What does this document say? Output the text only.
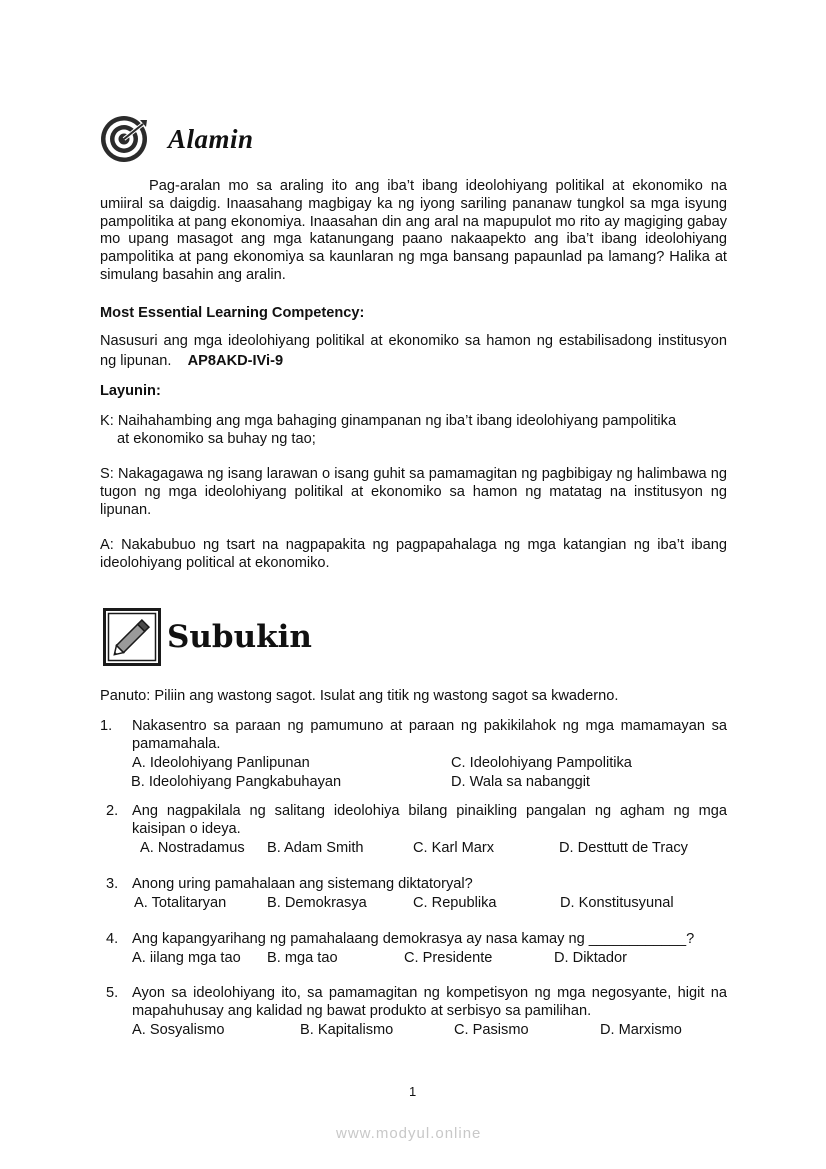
Alamin
Pag-aralan mo sa araling ito ang iba’t ibang ideolohiyang politikal at ekonomiko na umiiral sa daigdig. Inaasahang magbigay ka ng iyong sariling pananaw tungkol sa mga isyung pampolitika at pang ekonomiya. Inaasahan din ang aral na mapupulot mo rito ay magiging gabay mo upang masagot ang mga katanungang paano nakaapekto ang iba’t ibang ideolohiyang pampolitika at pang ekonomiya sa kaunlaran ng mga bansang papaunlad pa lamang? Halika at simulang basahin ang aralin.
Most Essential Learning Competency:
Nasusuri ang mga ideolohiyang politikal at ekonomiko sa hamon ng estabilisadong institusyon ng lipunan. AP8AKD-IVi-9
Layunin:
K: Naihahambing ang mga bahaging ginampanan ng iba’t ibang ideolohiyang pampolitika
at ekonomiko sa buhay ng tao;
S: Nakagagawa ng isang larawan o isang guhit sa pamamagitan ng pagbibigay ng halimbawa ng tugon ng mga ideolohiyang politikal at ekonomiko sa hamon ng matatag na institusyon ng lipunan.
A: Nakabubuo ng tsart na nagpapakita ng pagpapahalaga ng mga katangian ng iba’t ibang ideolohiyang political at ekonomiko.
Subukin
Panuto: Piliin ang wastong sagot. Isulat ang titik ng wastong sagot sa kwaderno.
1. Nakasentro sa paraan ng pamumuno at paraan ng pakikilahok ng mga mamamayan sa pamamahala.
A. Ideolohiyang Panlipunan	C. Ideolohiyang Pampolitika
B. Ideolohiyang Pangkabuhayan	D. Wala sa nabanggit
2. Ang nagpakilala ng salitang ideolohiya bilang pinaikling pangalan ng agham ng mga kaisipan o ideya.
A. Nostradamus B. Adam Smith	C. Karl Marx	D. Desttutt de Tracy
3. Anong uring pamahalaan ang sistemang diktatoryal?
A. Totalitaryan	B. Demokrasya	C. Republika	D. Konstitusyunal
4. Ang kapangyarihang ng pamahalaang demokrasya ay nasa kamay ng ____________?
A. iilang mga tao B. mga tao	C. Presidente	D. Diktador
5. Ayon sa ideolohiyang ito, sa pamamagitan ng kompetisyon ng mga negosyante, higit na mapahuhusay ang kalidad ng bawat produkto at serbisyo sa pamilihan.
A. Sosyalismo	B. Kapitalismo	C. Pasismo	D. Marxismo
1
www.modyul.online
